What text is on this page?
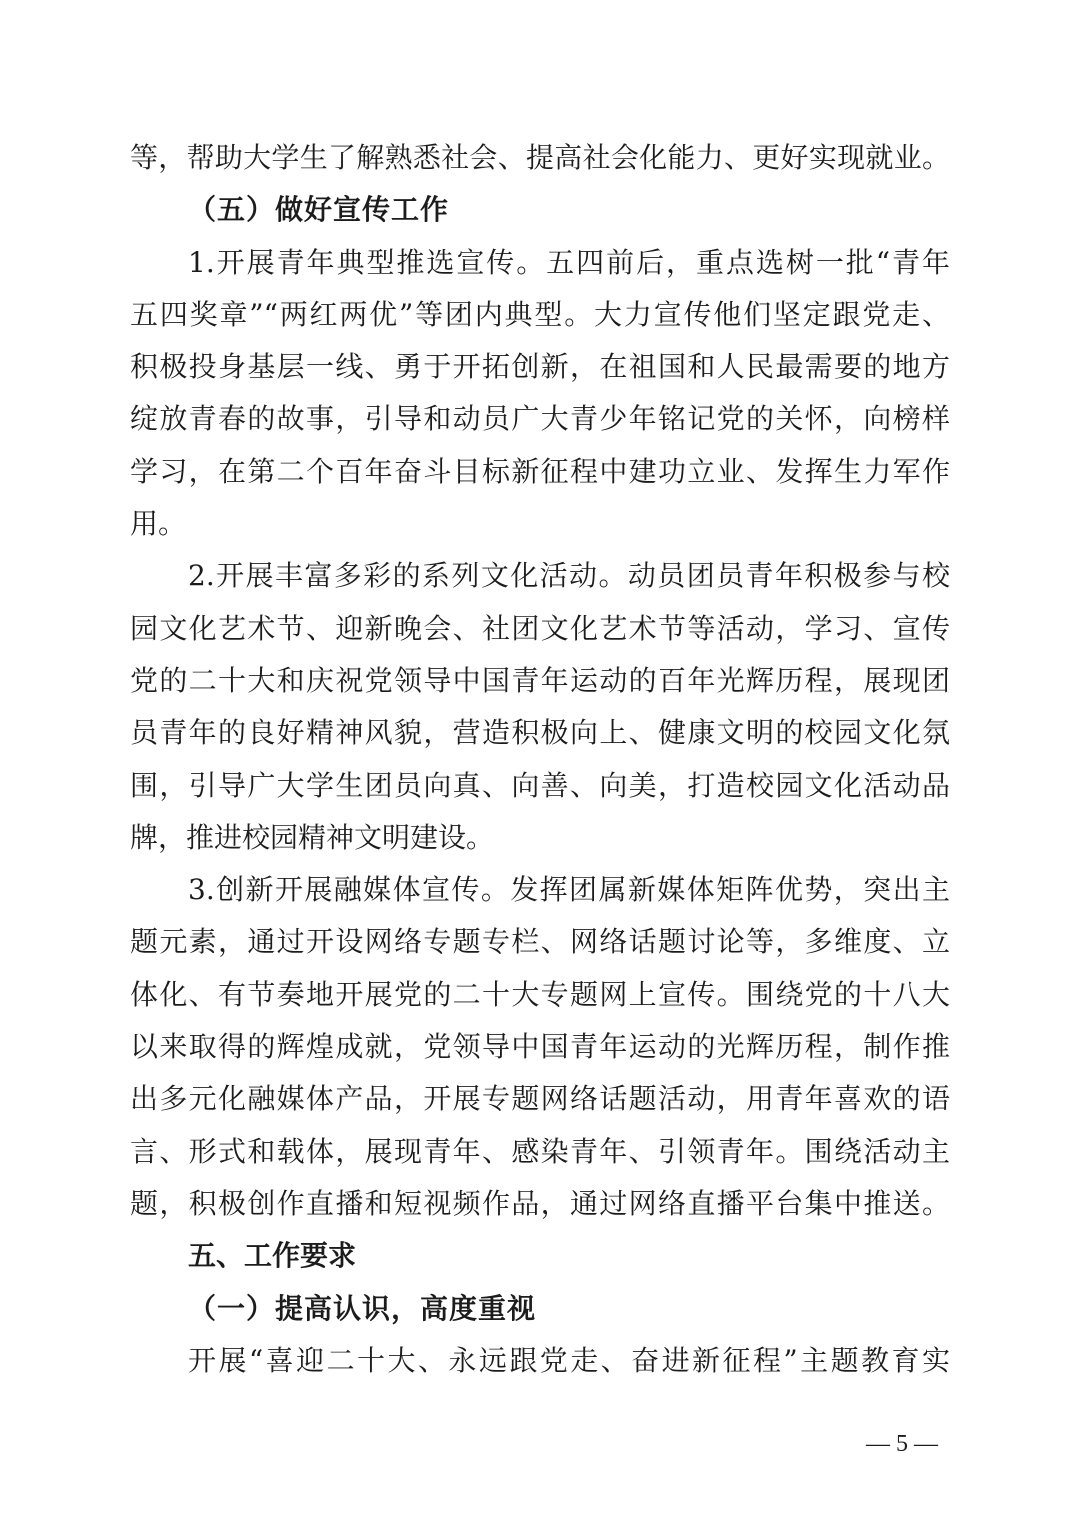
等，帮助大学生了解熟悉社会、提高社会化能力、更好实现就业。
（五）做好宣传工作
1.开展青年典型推选宣传。五四前后，重点选树一批“青年
五四奖章”“两红两优”等团内典型。大力宣传他们坚定跟党走、
积极投身基层一线、勇于开拓创新，在祖国和人民最需要的地方
绽放青春的故事，引导和动员广大青少年铭记党的关怀，向榜样
学习，在第二个百年奋斗目标新征程中建功立业、发挥生力军作
用。
2.开展丰富多彩的系列文化活动。动员团员青年积极参与校
园文化艺术节、迎新晚会、社团文化艺术节等活动，学习、宣传
党的二十大和庆祝党领导中国青年运动的百年光辉历程，展现团
员青年的良好精神风貌，营造积极向上、健康文明的校园文化氛
围，引导广大学生团员向真、向善、向美，打造校园文化活动品
牌，推进校园精神文明建设。
3.创新开展融媒体宣传。发挥团属新媒体矩阵优势，突出主
题元素，通过开设网络专题专栏、网络话题讨论等，多维度、立
体化、有节奏地开展党的二十大专题网上宣传。围绕党的十八大
以来取得的辉煌成就，党领导中国青年运动的光辉历程，制作推
出多元化融媒体产品，开展专题网络话题活动，用青年喜欢的语
言、形式和载体，展现青年、感染青年、引领青年。围绕活动主
题，积极创作直播和短视频作品，通过网络直播平台集中推送。
五、工作要求
（一）提高认识，高度重视
开展“喜迎二十大、永远跟党走、奋进新征程”主题教育实
— 5 —
